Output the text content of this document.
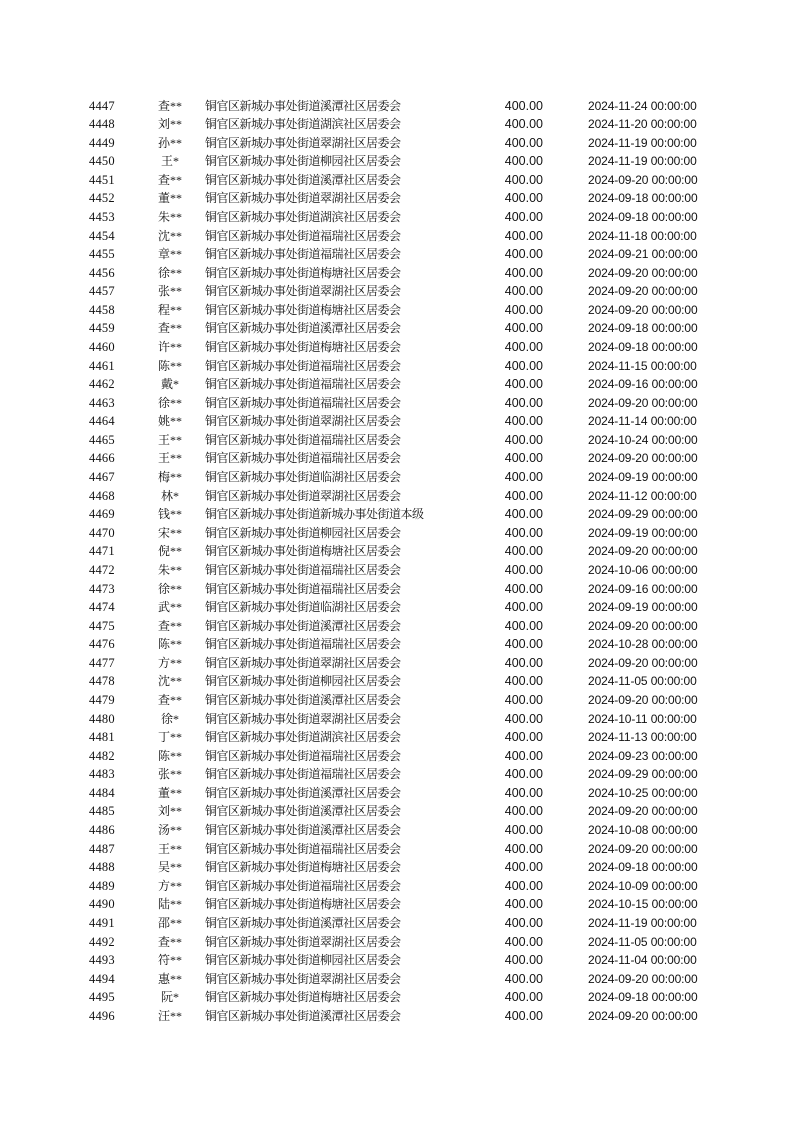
4447	查**	铜官区新城办事处街道溪潭社区居委会	400.00	2024-11-24 00:00:00
4448	刘**	铜官区新城办事处街道湖滨社区居委会	400.00	2024-11-20 00:00:00
4449	孙**	铜官区新城办事处街道翠湖社区居委会	400.00	2024-11-19 00:00:00
4450	王*	铜官区新城办事处街道柳园社区居委会	400.00	2024-11-19 00:00:00
4451	查**	铜官区新城办事处街道溪潭社区居委会	400.00	2024-09-20 00:00:00
4452	董**	铜官区新城办事处街道翠湖社区居委会	400.00	2024-09-18 00:00:00
4453	朱**	铜官区新城办事处街道湖滨社区居委会	400.00	2024-09-18 00:00:00
4454	沈**	铜官区新城办事处街道福瑞社区居委会	400.00	2024-11-18 00:00:00
4455	章**	铜官区新城办事处街道福瑞社区居委会	400.00	2024-09-21 00:00:00
4456	徐**	铜官区新城办事处街道梅塘社区居委会	400.00	2024-09-20 00:00:00
4457	张**	铜官区新城办事处街道翠湖社区居委会	400.00	2024-09-20 00:00:00
4458	程**	铜官区新城办事处街道梅塘社区居委会	400.00	2024-09-20 00:00:00
4459	查**	铜官区新城办事处街道溪潭社区居委会	400.00	2024-09-18 00:00:00
4460	许**	铜官区新城办事处街道梅塘社区居委会	400.00	2024-09-18 00:00:00
4461	陈**	铜官区新城办事处街道福瑞社区居委会	400.00	2024-11-15 00:00:00
4462	戴*	铜官区新城办事处街道福瑞社区居委会	400.00	2024-09-16 00:00:00
4463	徐**	铜官区新城办事处街道福瑞社区居委会	400.00	2024-09-20 00:00:00
4464	姚**	铜官区新城办事处街道翠湖社区居委会	400.00	2024-11-14 00:00:00
4465	王**	铜官区新城办事处街道福瑞社区居委会	400.00	2024-10-24 00:00:00
4466	王**	铜官区新城办事处街道福瑞社区居委会	400.00	2024-09-20 00:00:00
4467	梅**	铜官区新城办事处街道临湖社区居委会	400.00	2024-09-19 00:00:00
4468	林*	铜官区新城办事处街道翠湖社区居委会	400.00	2024-11-12 00:00:00
4469	钱**	铜官区新城办事处街道新城办事处街道本级	400.00	2024-09-29 00:00:00
4470	宋**	铜官区新城办事处街道柳园社区居委会	400.00	2024-09-19 00:00:00
4471	倪**	铜官区新城办事处街道梅塘社区居委会	400.00	2024-09-20 00:00:00
4472	朱**	铜官区新城办事处街道福瑞社区居委会	400.00	2024-10-06 00:00:00
4473	徐**	铜官区新城办事处街道福瑞社区居委会	400.00	2024-09-16 00:00:00
4474	武**	铜官区新城办事处街道临湖社区居委会	400.00	2024-09-19 00:00:00
4475	查**	铜官区新城办事处街道溪潭社区居委会	400.00	2024-09-20 00:00:00
4476	陈**	铜官区新城办事处街道福瑞社区居委会	400.00	2024-10-28 00:00:00
4477	方**	铜官区新城办事处街道翠湖社区居委会	400.00	2024-09-20 00:00:00
4478	沈**	铜官区新城办事处街道柳园社区居委会	400.00	2024-11-05 00:00:00
4479	查**	铜官区新城办事处街道溪潭社区居委会	400.00	2024-09-20 00:00:00
4480	徐*	铜官区新城办事处街道翠湖社区居委会	400.00	2024-10-11 00:00:00
4481	丁**	铜官区新城办事处街道湖滨社区居委会	400.00	2024-11-13 00:00:00
4482	陈**	铜官区新城办事处街道福瑞社区居委会	400.00	2024-09-23 00:00:00
4483	张**	铜官区新城办事处街道福瑞社区居委会	400.00	2024-09-29 00:00:00
4484	董**	铜官区新城办事处街道溪潭社区居委会	400.00	2024-10-25 00:00:00
4485	刘**	铜官区新城办事处街道溪潭社区居委会	400.00	2024-09-20 00:00:00
4486	汤**	铜官区新城办事处街道溪潭社区居委会	400.00	2024-10-08 00:00:00
4487	王**	铜官区新城办事处街道福瑞社区居委会	400.00	2024-09-20 00:00:00
4488	吴**	铜官区新城办事处街道梅塘社区居委会	400.00	2024-09-18 00:00:00
4489	方**	铜官区新城办事处街道福瑞社区居委会	400.00	2024-10-09 00:00:00
4490	陆**	铜官区新城办事处街道梅塘社区居委会	400.00	2024-10-15 00:00:00
4491	邵**	铜官区新城办事处街道溪潭社区居委会	400.00	2024-11-19 00:00:00
4492	查**	铜官区新城办事处街道翠湖社区居委会	400.00	2024-11-05 00:00:00
4493	符**	铜官区新城办事处街道柳园社区居委会	400.00	2024-11-04 00:00:00
4494	惠**	铜官区新城办事处街道翠湖社区居委会	400.00	2024-09-20 00:00:00
4495	阮*	铜官区新城办事处街道梅塘社区居委会	400.00	2024-09-18 00:00:00
4496	汪**	铜官区新城办事处街道溪潭社区居委会	400.00	2024-09-20 00:00:00
